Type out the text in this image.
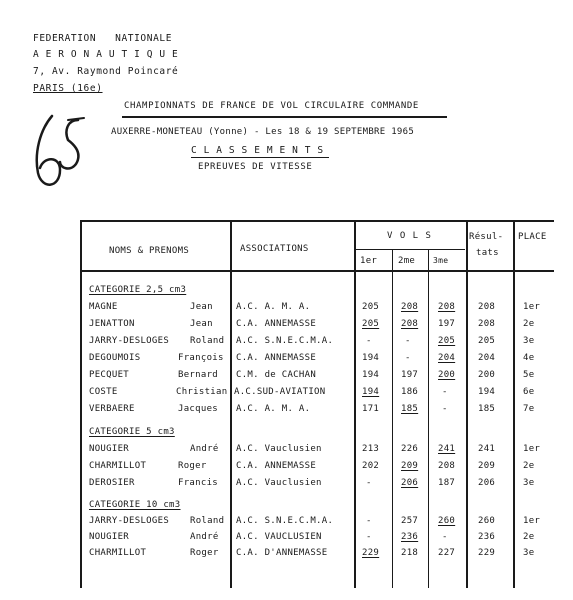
FEDERATION   NATIONALE
A E R O N A U T I Q U E
7, Av. Raymond Poincaré
PARIS (16e)
CHAMPIONNATS DE FRANCE DE VOL CIRCULAIRE COMMANDE
AUXERRE-MONETEAU (Yonne) - Les 18 & 19 SEPTEMBRE 1965
C L A S S E M E N T S
EPREUVES DE VITESSE
NOMS & PRENOMS	ASSOCIATIONS
V O L S
1er 2me 3me
Résul-
tats
PLACE
CATEGORIE 2,5 cm3
MAGNE	Jean	A.C. A. M. A.	205 208 208	208	1er
JENATTON	Jean	C.A. ANNEMASSE	205 208 197	208	2e
JARRY-DESLOGES Roland A.C. S.N.E.C.M.A.	-	-	205	205	3e
DEGOUMOIS	François C.A. ANNEMASSE	194	-	204	204	4e
PECQUET	Bernard C.M. de CACHAN	194 197 200	200	5e
COSTE	Christian A.C.SUD-AVIATION	194 186	-	194	6e
VERBAERE	Jacques A.C. A. M. A.	171 185	-	185	7e
CATEGORIE 5 cm3
NOUGIER	André A.C. Vauclusien	213 226 241	241	1er
CHARMILLOT	Roger	C.A. ANNEMASSE	202 209 208	209	2e
DEROSIER	Francis A.C. Vauclusien	-	206 187	206	3e
CATEGORIE 10 cm3
JARRY-DESLOGES Roland A.C. S.N.E.C.M.A.	-	257 260	260	1er
NOUGIER	André A.C. VAUCLUSIEN	-	236	-	236	2e
CHARMILLOT	Roger C.A. D'ANNEMASSE	229 218 227	229	3e
